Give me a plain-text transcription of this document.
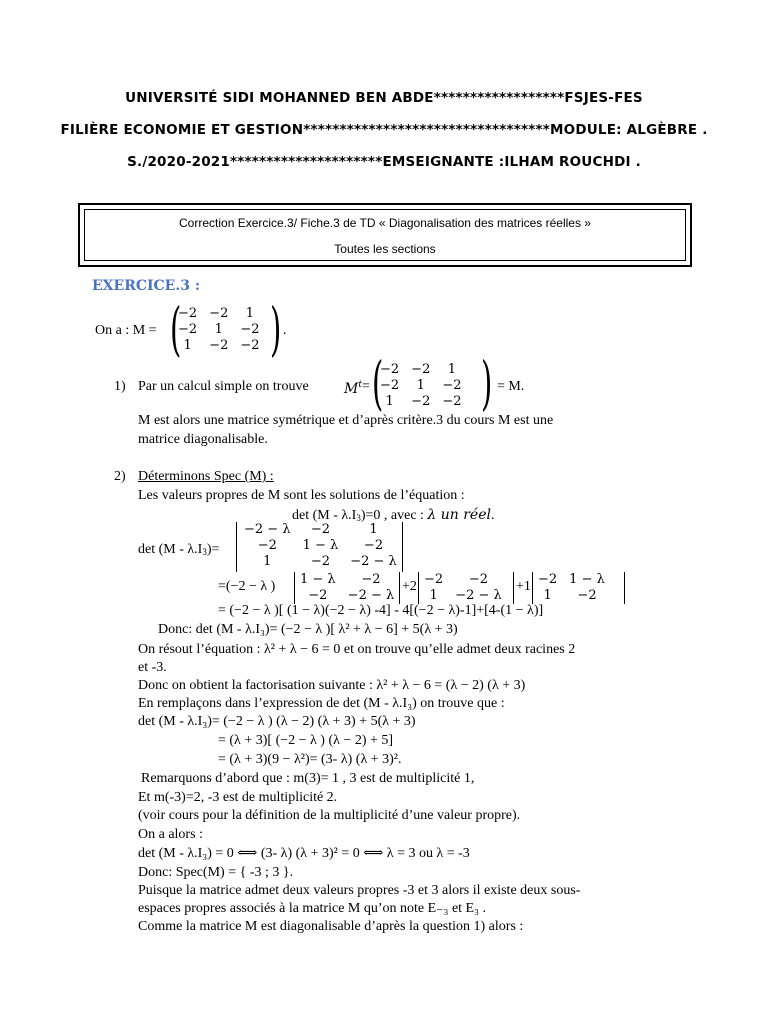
UNIVERSITÉ SIDI MOHANNED BEN ABDE******************FSJES-FES
FILIÈRE ECONOMIE ET GESTION**********************************MODULE: ALGÈBRE .
S./2020-2021*********************EMSEIGNANTE :ILHAM ROUCHDI .
Correction Exercice.3/ Fiche.3 de TD « Diagonalisation des matrices réelles »
Toutes les sections
EXERCICE.3 :
On a : M = (
−2	−2	1
−2	1	−2
1	−2	−2 ) .
1) Par un calcul simple on trouve	$M^t$ = (
−2	−2	1
−2	1	−2
1	−2	−2 ) = M.
M est alors une matrice symétrique et d’après critère.3 du cours M est une
matrice diagonalisable.
2) Déterminons Spec (M) :
Les valeurs propres de M sont les solutions de l’équation :
$\det (M - \lambda.I_3)=0$ , avec : λ un réel.
$\det (M - \lambda.I_3)=$
−2 − λ	−2	1
−2	1 − λ	−2
1	−2	−2 − λ
=(−2 − λ ) 1 − λ	−2
−2	−2 − λ
+2 −2	−2
1	−2 − λ
+1 −2	1 − λ
1	−2
= (−2 − λ )[ (1 − λ)(−2 − λ) -4] - 4[(−2 − λ)-1]+[4-(1 − λ)]
Donc: det (M - λ.I₃)= (−2 − λ )[ λ² + λ − 6] + 5(λ + 3)
On résout l’équation : λ² + λ − 6 = 0 et on trouve qu’elle admet deux racines 2
et -3.
Donc on obtient la factorisation suivante : λ² + λ − 6 = (λ − 2) (λ + 3)
En remplaçons dans l’expression de det (M - λ.I₃) on trouve que :
det (M - λ.I₃)= (−2 − λ ) (λ − 2) (λ + 3) + 5(λ + 3)
= (λ + 3)[ (−2 − λ ) (λ − 2) + 5]
= (λ + 3)(9 − λ²)= (3- λ) (λ + 3)².
Remarquons d’abord que : m(3)= 1 , 3 est de multiplicité 1,
Et m(-3)=2, -3 est de multiplicité 2.
(voir cours pour la définition de la multiplicité d’une valeur propre).
On a alors :
det (M - λ.I₃) = 0 ⟺ (3- λ) (λ + 3)² = 0 ⟺ λ = 3 ou λ = -3
Donc: Spec(M) = { -3 ; 3 }.
Puisque la matrice admet deux valeurs propres -3 et 3 alors il existe deux sous-
espaces propres associés à la matrice M qu’on note E₋₃ et E₃ .
Comme la matrice M est diagonalisable d’après la question 1) alors :
